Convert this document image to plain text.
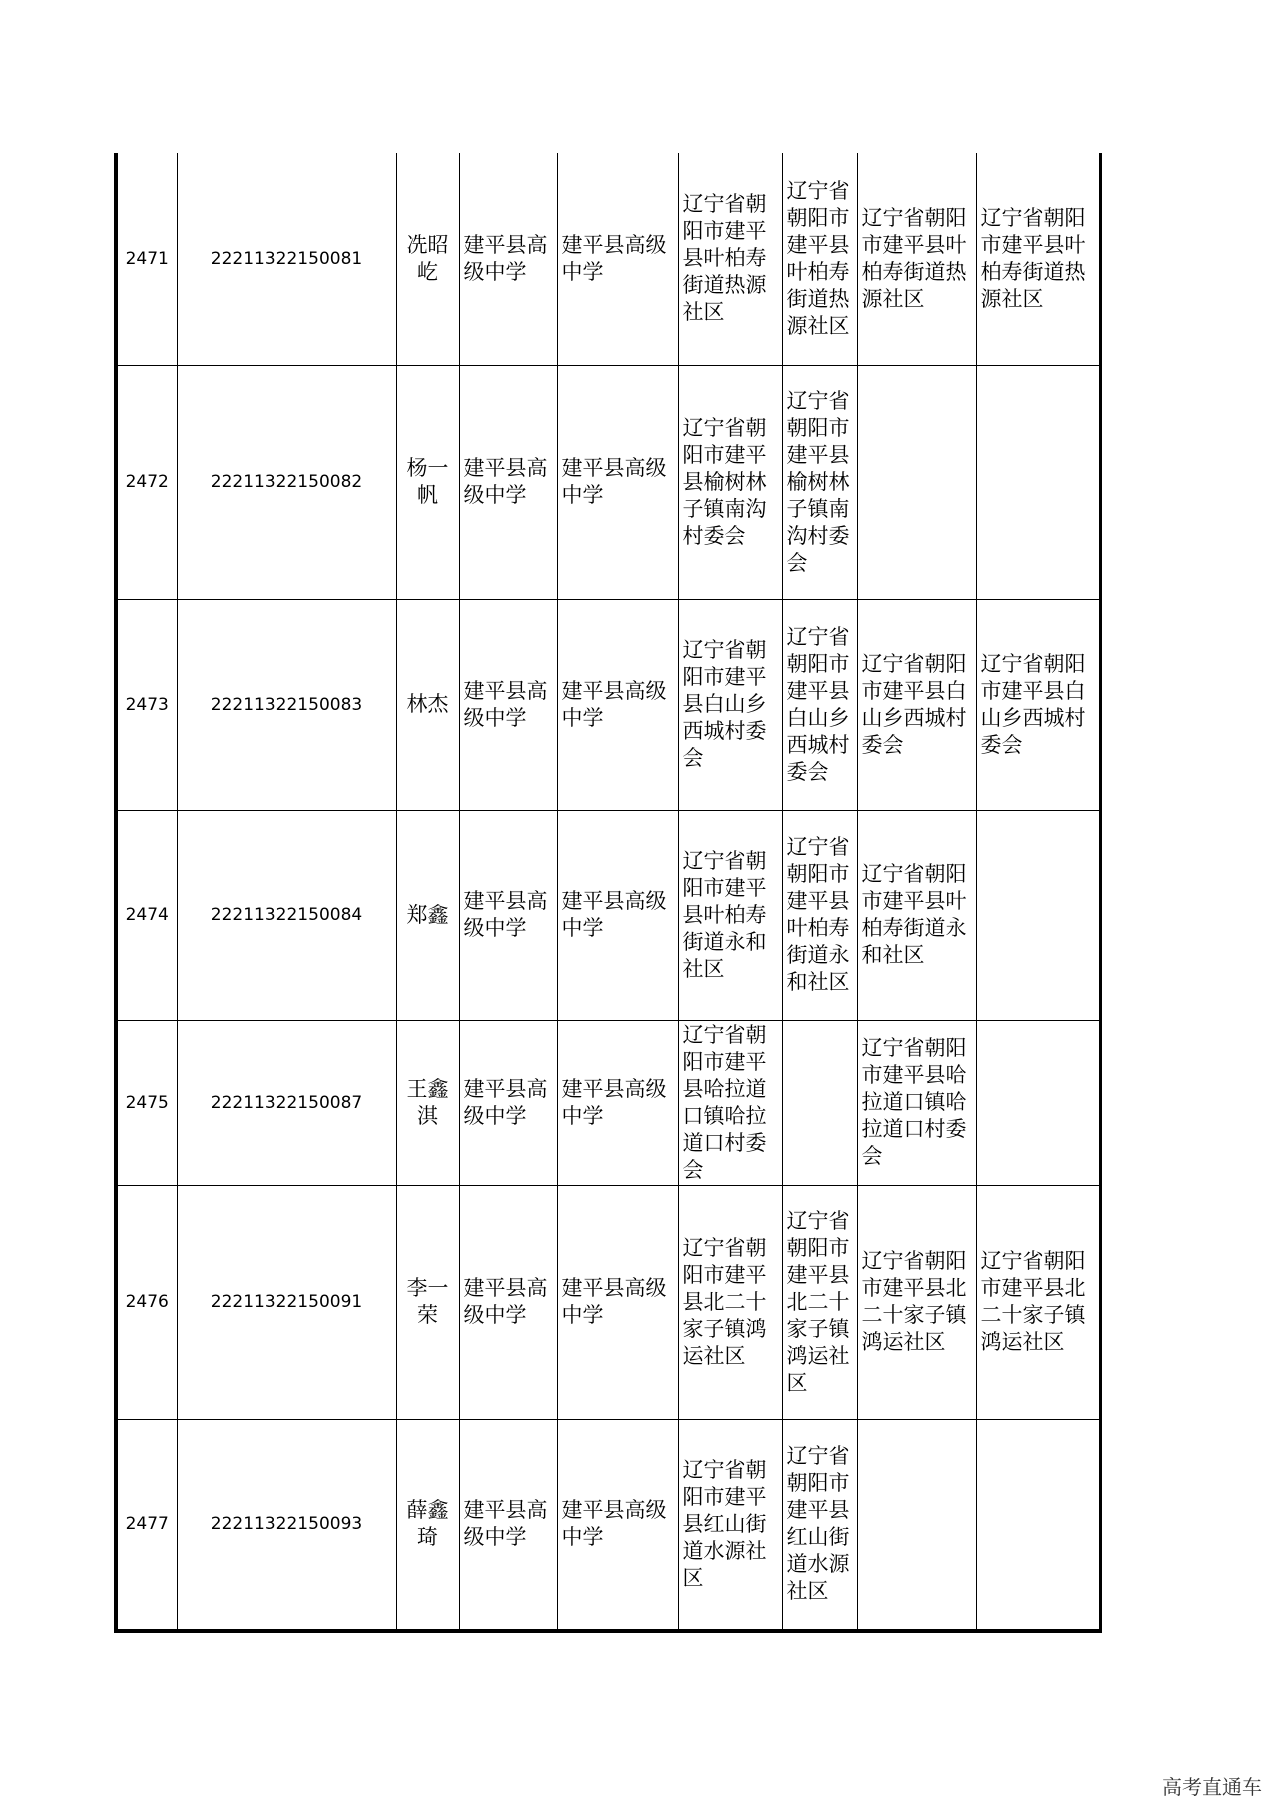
2471	22211322150081	冼昭屹	建平县高级中学	建平县高级中学	辽宁省朝阳市建平县叶柏寿街道热源社区	辽宁省朝阳市建平县叶柏寿街道热源社区	辽宁省朝阳市建平县叶柏寿街道热源社区	辽宁省朝阳市建平县叶柏寿街道热源社区
2472	22211322150082	杨一帆	建平县高级中学	建平县高级中学	辽宁省朝阳市建平县榆树林子镇南沟村委会	辽宁省朝阳市建平县榆树林子镇南沟村委会		
2473	22211322150083	林杰	建平县高级中学	建平县高级中学	辽宁省朝阳市建平县白山乡西城村委会	辽宁省朝阳市建平县白山乡西城村委会	辽宁省朝阳市建平县白山乡西城村委会	辽宁省朝阳市建平县白山乡西城村委会
2474	22211322150084	郑鑫	建平县高级中学	建平县高级中学	辽宁省朝阳市建平县叶柏寿街道永和社区	辽宁省朝阳市建平县叶柏寿街道永和社区	辽宁省朝阳市建平县叶柏寿街道永和社区	
2475	22211322150087	王鑫淇	建平县高级中学	建平县高级中学	辽宁省朝阳市建平县哈拉道口镇哈拉道口村委会		辽宁省朝阳市建平县哈拉道口镇哈拉道口村委会	
2476	22211322150091	李一荣	建平县高级中学	建平县高级中学	辽宁省朝阳市建平县北二十家子镇鸿运社区	辽宁省朝阳市建平县北二十家子镇鸿运社区	辽宁省朝阳市建平县北二十家子镇鸿运社区	辽宁省朝阳市建平县北二十家子镇鸿运社区
2477	22211322150093	薛鑫琦	建平县高级中学	建平县高级中学	辽宁省朝阳市建平县红山街道水源社区	辽宁省朝阳市建平县红山街道水源社区		
高考直通车
